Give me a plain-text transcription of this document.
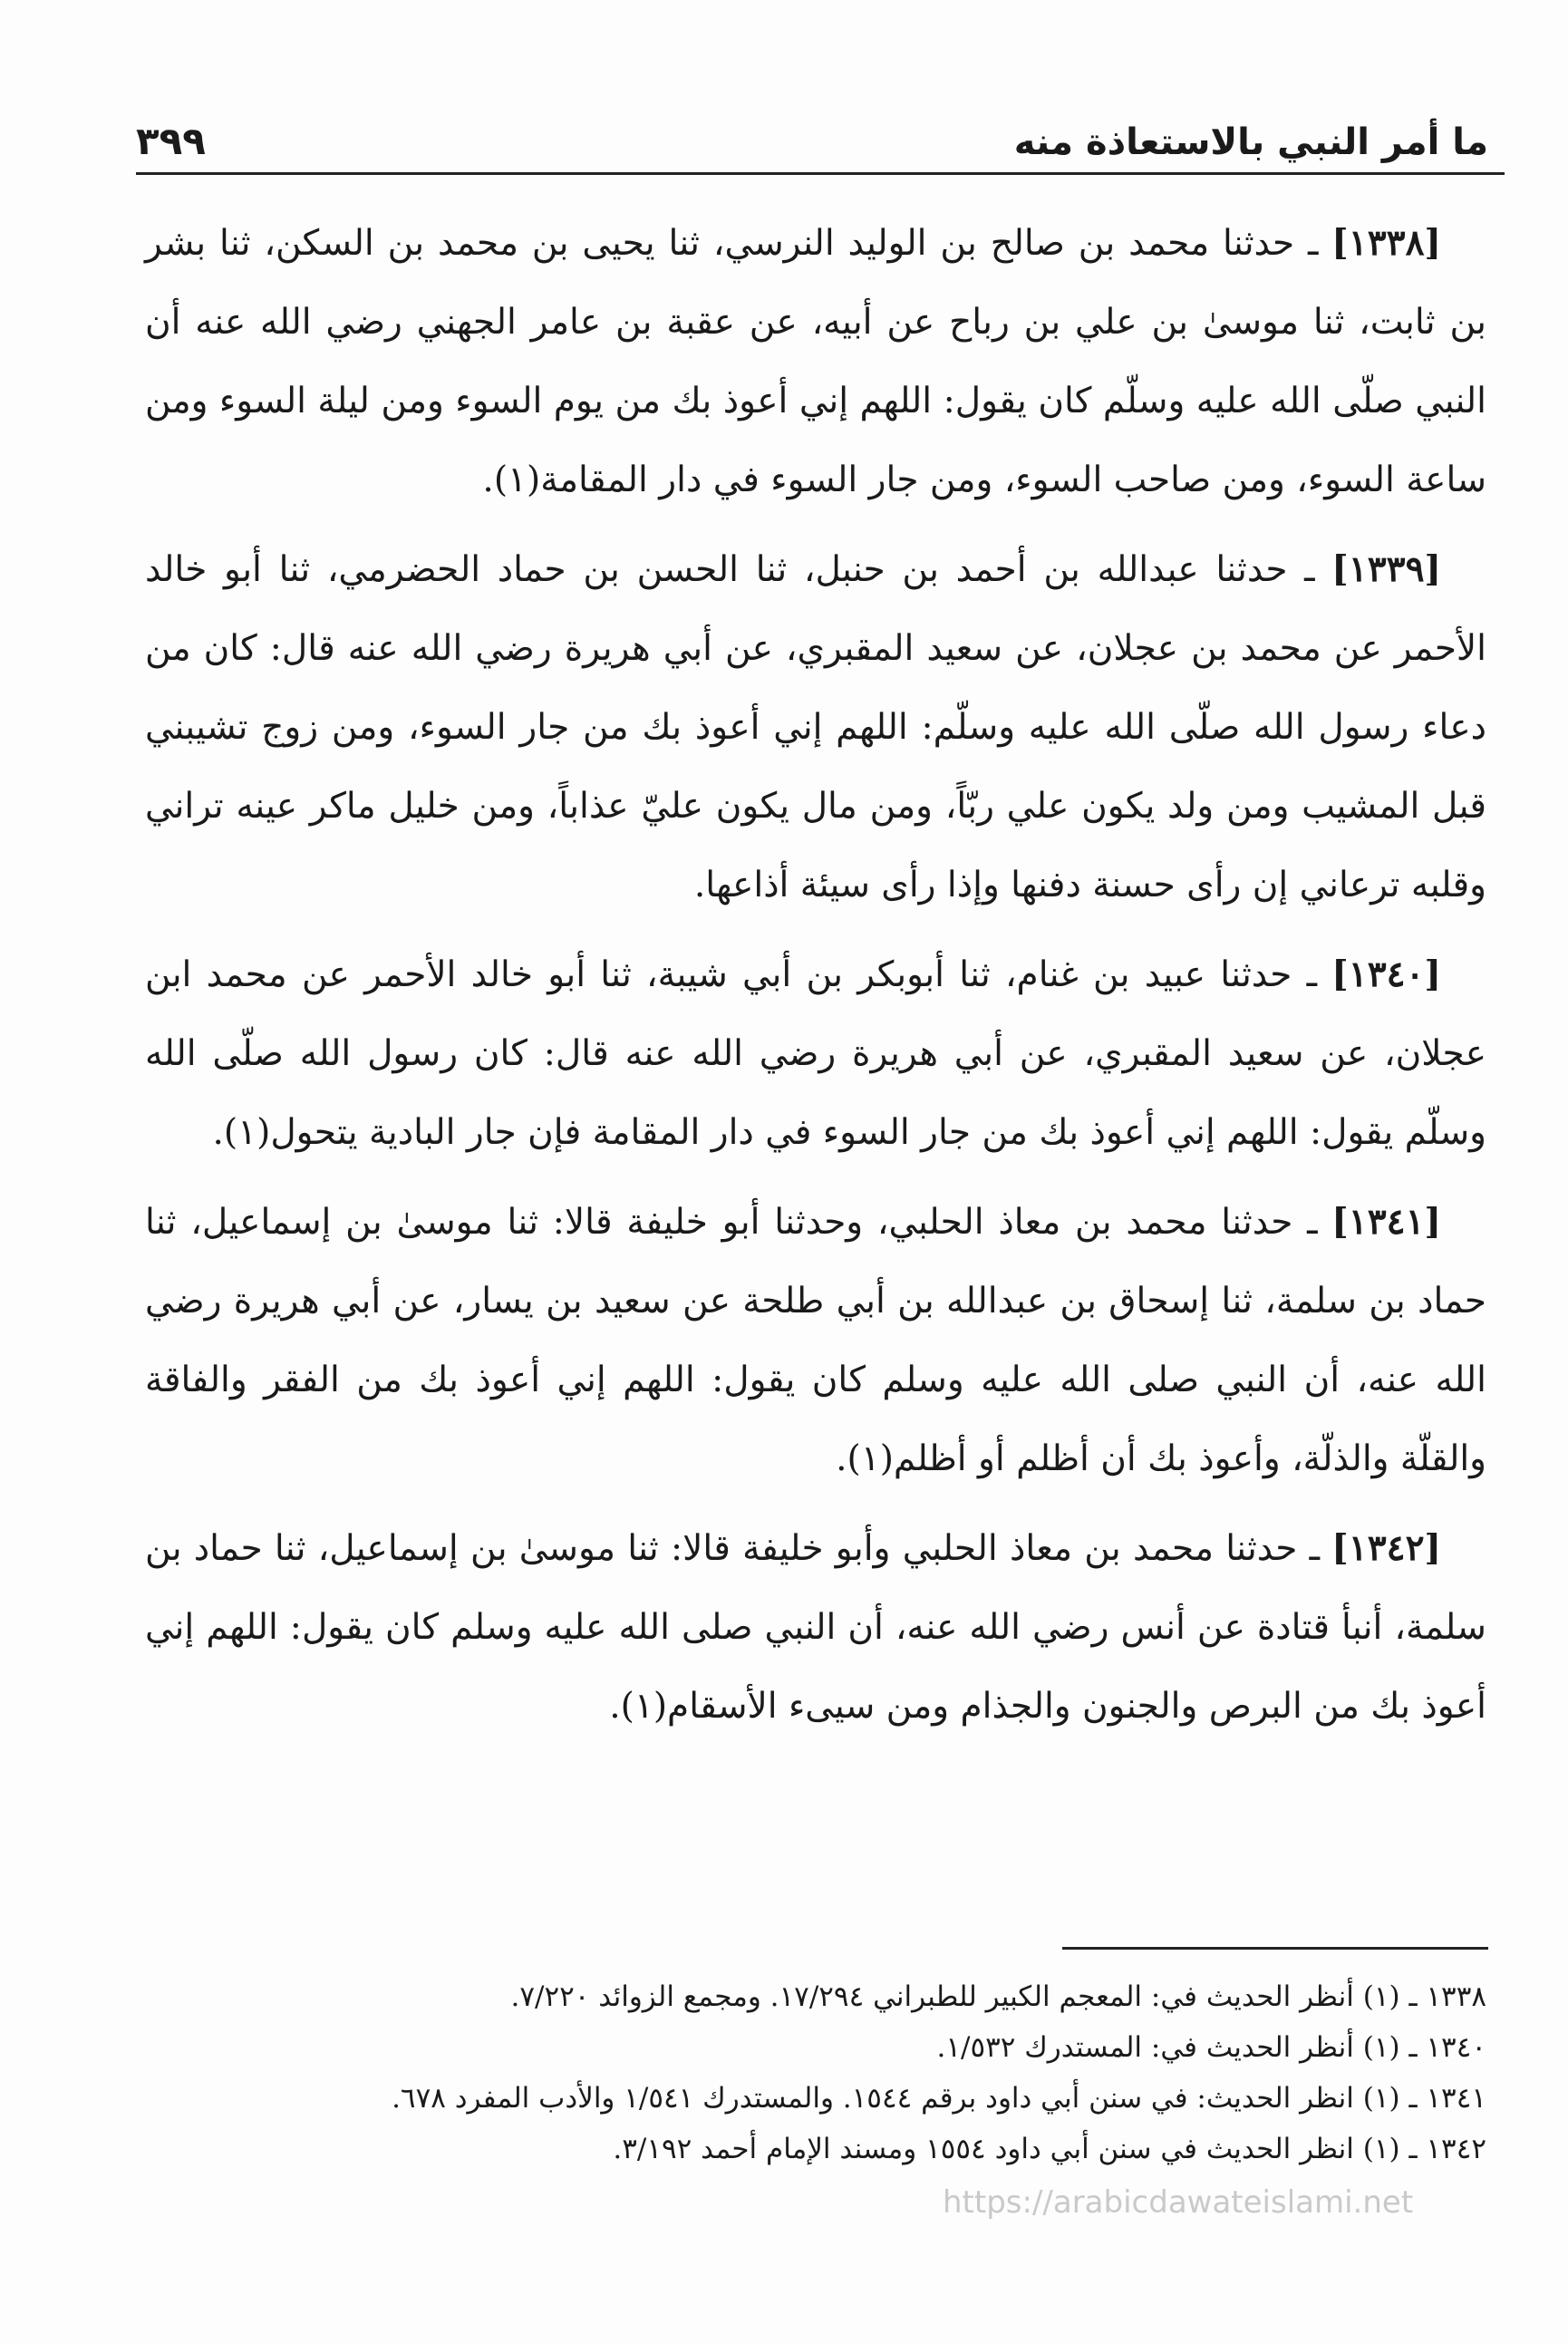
ما أمر النبي بالاستعاذة منه
٣٩٩

[١٣٣٨] ـ حدثنا محمد بن صالح بن الوليد النرسي، ثنا يحيى بن محمد بن السكن، ثنا بشر بن ثابت، ثنا موسىٰ بن علي بن رباح عن أبيه، عن عقبة بن عامر الجهني رضي الله عنه أن النبي صلّى الله عليه وسلّم كان يقول: اللهم إني أعوذ بك من يوم السوء ومن ليلة السوء ومن ساعة السوء، ومن صاحب السوء، ومن جار السوء في دار المقامة(١).

[١٣٣٩] ـ حدثنا عبدالله بن أحمد بن حنبل، ثنا الحسن بن حماد الحضرمي، ثنا أبو خالد الأحمر عن محمد بن عجلان، عن سعيد المقبري، عن أبي هريرة رضي الله عنه قال: كان من دعاء رسول الله صلّى الله عليه وسلّم: اللهم إني أعوذ بك من جار السوء، ومن زوج تشيبني قبل المشيب ومن ولد يكون علي ربّاً، ومن مال يكون عليّ عذاباً، ومن خليل ماكر عينه تراني وقلبه ترعاني إن رأى حسنة دفنها وإذا رأى سيئة أذاعها.

[١٣٤٠] ـ حدثنا عبيد بن غنام، ثنا أبوبكر بن أبي شيبة، ثنا أبو خالد الأحمر عن محمد ابن عجلان، عن سعيد المقبري، عن أبي هريرة رضي الله عنه قال: كان رسول الله صلّى الله وسلّم يقول: اللهم إني أعوذ بك من جار السوء في دار المقامة فإن جار البادية يتحول(١).

[١٣٤١] ـ حدثنا محمد بن معاذ الحلبي، وحدثنا أبو خليفة قالا: ثنا موسىٰ بن إسماعيل، ثنا حماد بن سلمة، ثنا إسحاق بن عبدالله بن أبي طلحة عن سعيد بن يسار، عن أبي هريرة رضي الله عنه، أن النبي صلى الله عليه وسلم كان يقول: اللهم إني أعوذ بك من الفقر والفاقة والقلّة والذلّة، وأعوذ بك أن أظلم أو أظلم(١).

[١٣٤٢] ـ حدثنا محمد بن معاذ الحلبي وأبو خليفة قالا: ثنا موسىٰ بن إسماعيل، ثنا حماد بن سلمة، أنبأ قتادة عن أنس رضي الله عنه، أن النبي صلى الله عليه وسلم كان يقول: اللهم إني أعوذ بك من البرص والجنون والجذام ومن سيىء الأسقام(١).

١٣٣٨ ـ (١) أنظر الحديث في: المعجم الكبير للطبراني ١٧/٢٩٤. ومجمع الزوائد ٧/٢٢٠.

١٣٤٠ ـ (١) أنظر الحديث في: المستدرك ١/٥٣٢.

١٣٤١ ـ (١) انظر الحديث: في سنن أبي داود برقم ١٥٤٤. والمستدرك ١/٥٤١ والأدب المفرد ٦٧٨.

١٣٤٢ ـ (١) انظر الحديث في سنن أبي داود ١٥٥٤ ومسند الإمام أحمد ٣/١٩٢.

https://arabicdawateislami.net
